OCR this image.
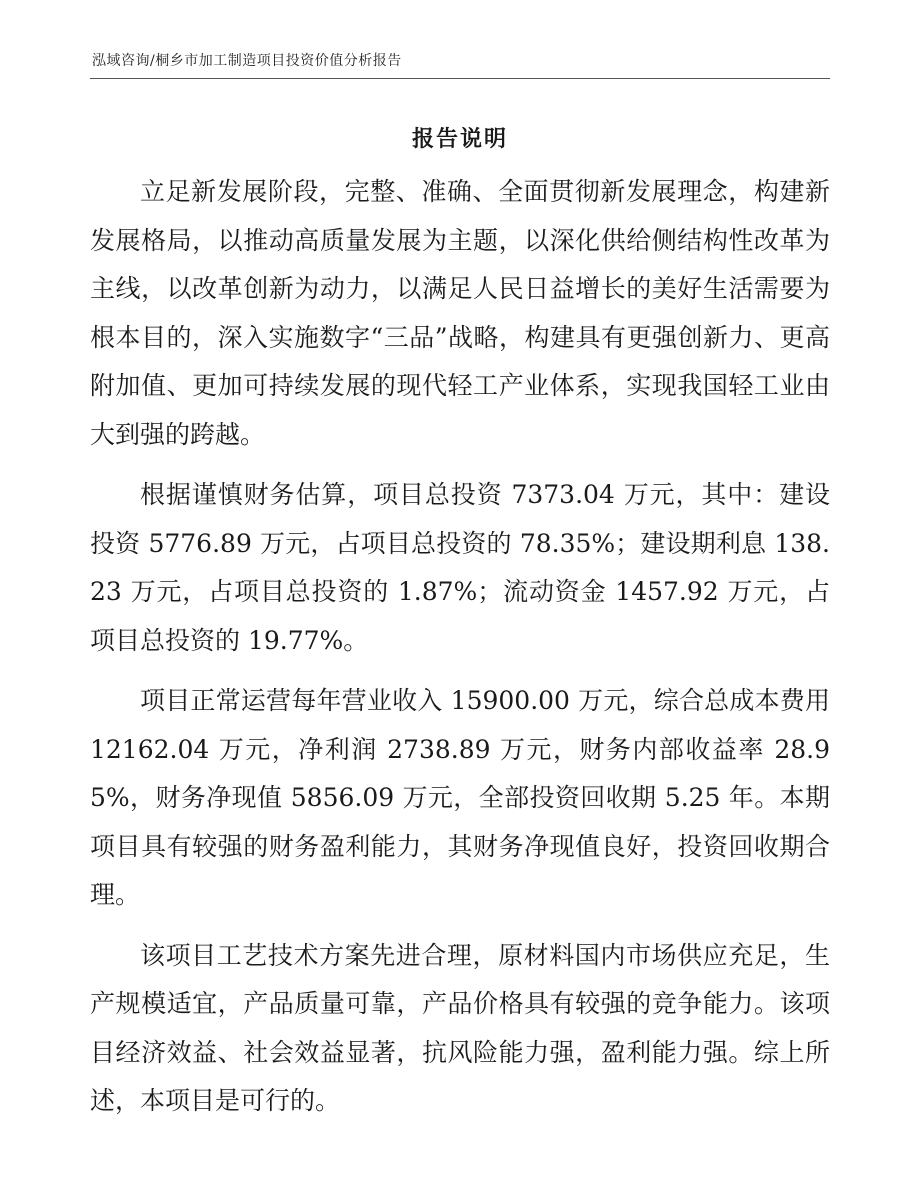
泓域咨询/桐乡市加工制造项目投资价值分析报告
报告说明

立足新发展阶段，完整、准确、全面贯彻新发展理念，构建新发展格局，以推动高质量发展为主题，以深化供给侧结构性改革为主线，以改革创新为动力，以满足人民日益增长的美好生活需要为根本目的，深入实施数字“三品”战略，构建具有更强创新力、更高附加值、更加可持续发展的现代轻工产业体系，实现我国轻工业由大到强的跨越。

根据谨慎财务估算，项目总投资 7373.04 万元，其中：建设投资 5776.89 万元，占项目总投资的 78.35%；建设期利息 138.23 万元，占项目总投资的 1.87%；流动资金 1457.92 万元，占项目总投资的 19.77%。

项目正常运营每年营业收入 15900.00 万元，综合总成本费用 12162.04 万元，净利润 2738.89 万元，财务内部收益率 28.95%，财务净现值 5856.09 万元，全部投资回收期 5.25 年。本期项目具有较强的财务盈利能力，其财务净现值良好，投资回收期合理。

该项目工艺技术方案先进合理，原材料国内市场供应充足，生产规模适宜，产品质量可靠，产品价格具有较强的竞争能力。该项目经济效益、社会效益显著，抗风险能力强，盈利能力强。综上所述，本项目是可行的。
